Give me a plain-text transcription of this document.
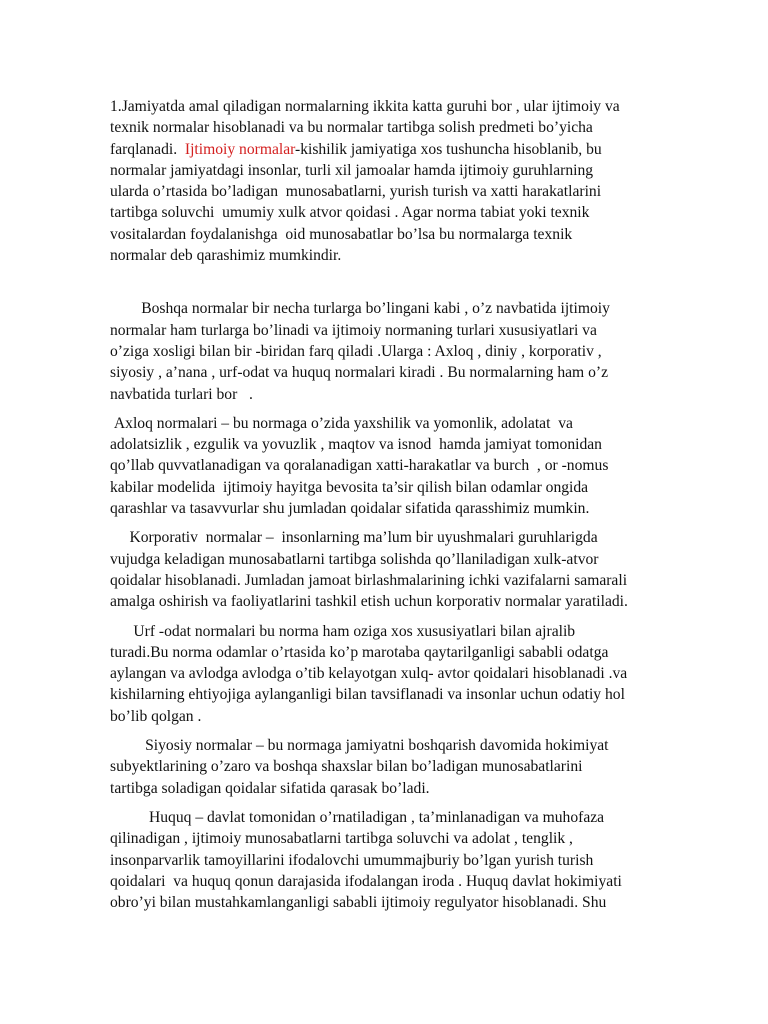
1.Jamiyatda amal qiladigan normalarning ikkita katta guruhi bor , ular ijtimoiy va
texnik normalar hisoblanadi va bu normalar tartibga solish predmeti bo’yicha
farqlanadi.  Ijtimoiy normalar-kishilik jamiyatiga xos tushuncha hisoblanib, bu
normalar jamiyatdagi insonlar, turli xil jamoalar hamda ijtimoiy guruhlarning
ularda o’rtasida bo’ladigan  munosabatlarni, yurish turish va xatti harakatlarini
tartibga soluvchi  umumiy xulk atvor qoidasi . Agar norma tabiat yoki texnik
vositalardan foydalanishga  oid munosabatlar bo’lsa bu normalarga texnik
normalar deb qarashimiz mumkindir.

Boshqa normalar bir necha turlarga bo’lingani kabi , o’z navbatida ijtimoiy
normalar ham turlarga bo’linadi va ijtimoiy normaning turlari xususiyatlari va
o’ziga xosligi bilan bir -biridan farq qiladi .Ularga : Axloq , diniy , korporativ ,
siyosiy , a’nana , urf-odat va huquq normalari kiradi . Bu normalarning ham o’z
navbatida turlari bor   .

Axloq normalari – bu normaga o’zida yaxshilik va yomonlik, adolatat  va
adolatsizlik , ezgulik va yovuzlik , maqtov va isnod  hamda jamiyat tomonidan
qo’llab quvvatlanadigan va qoralanadigan xatti-harakatlar va burch  , or -nomus
kabilar modelida  ijtimoiy hayitga bevosita ta’sir qilish bilan odamlar ongida
qarashlar va tasavvurlar shu jumladan qoidalar sifatida qarasshimiz mumkin.

Korporativ  normalar –  insonlarning ma’lum bir uyushmalari guruhlarigda
vujudga keladigan munosabatlarni tartibga solishda qo’llaniladigan xulk-atvor
qoidalar hisoblanadi. Jumladan jamoat birlashmalarining ichki vazifalarni samarali
amalga oshirish va faoliyatlarini tashkil etish uchun korporativ normalar yaratiladi.

Urf -odat normalari bu norma ham oziga xos xususiyatlari bilan ajralib
turadi.Bu norma odamlar o’rtasida ko’p marotaba qaytarilganligi sababli odatga
aylangan va avlodga avlodga o’tib kelayotgan xulq- avtor qoidalari hisoblanadi .va
kishilarning ehtiyojiga aylanganligi bilan tavsiflanadi va insonlar uchun odatiy hol
bo’lib qolgan .

Siyosiy normalar – bu normaga jamiyatni boshqarish davomida hokimiyat
subyektlarining o’zaro va boshqa shaxslar bilan bo’ladigan munosabatlarini
tartibga soladigan qoidalar sifatida qarasak bo’ladi.

Huquq – davlat tomonidan o’rnatiladigan , ta’minlanadigan va muhofaza
qilinadigan , ijtimoiy munosabatlarni tartibga soluvchi va adolat , tenglik ,
insonparvarlik tamoyillarini ifodalovchi umummajburiy bo’lgan yurish turish
qoidalari  va huquq qonun darajasida ifodalangan iroda . Huquq davlat hokimiyati
obro’yi bilan mustahkamlanganligi sababli ijtimoiy regulyator hisoblanadi. Shu
